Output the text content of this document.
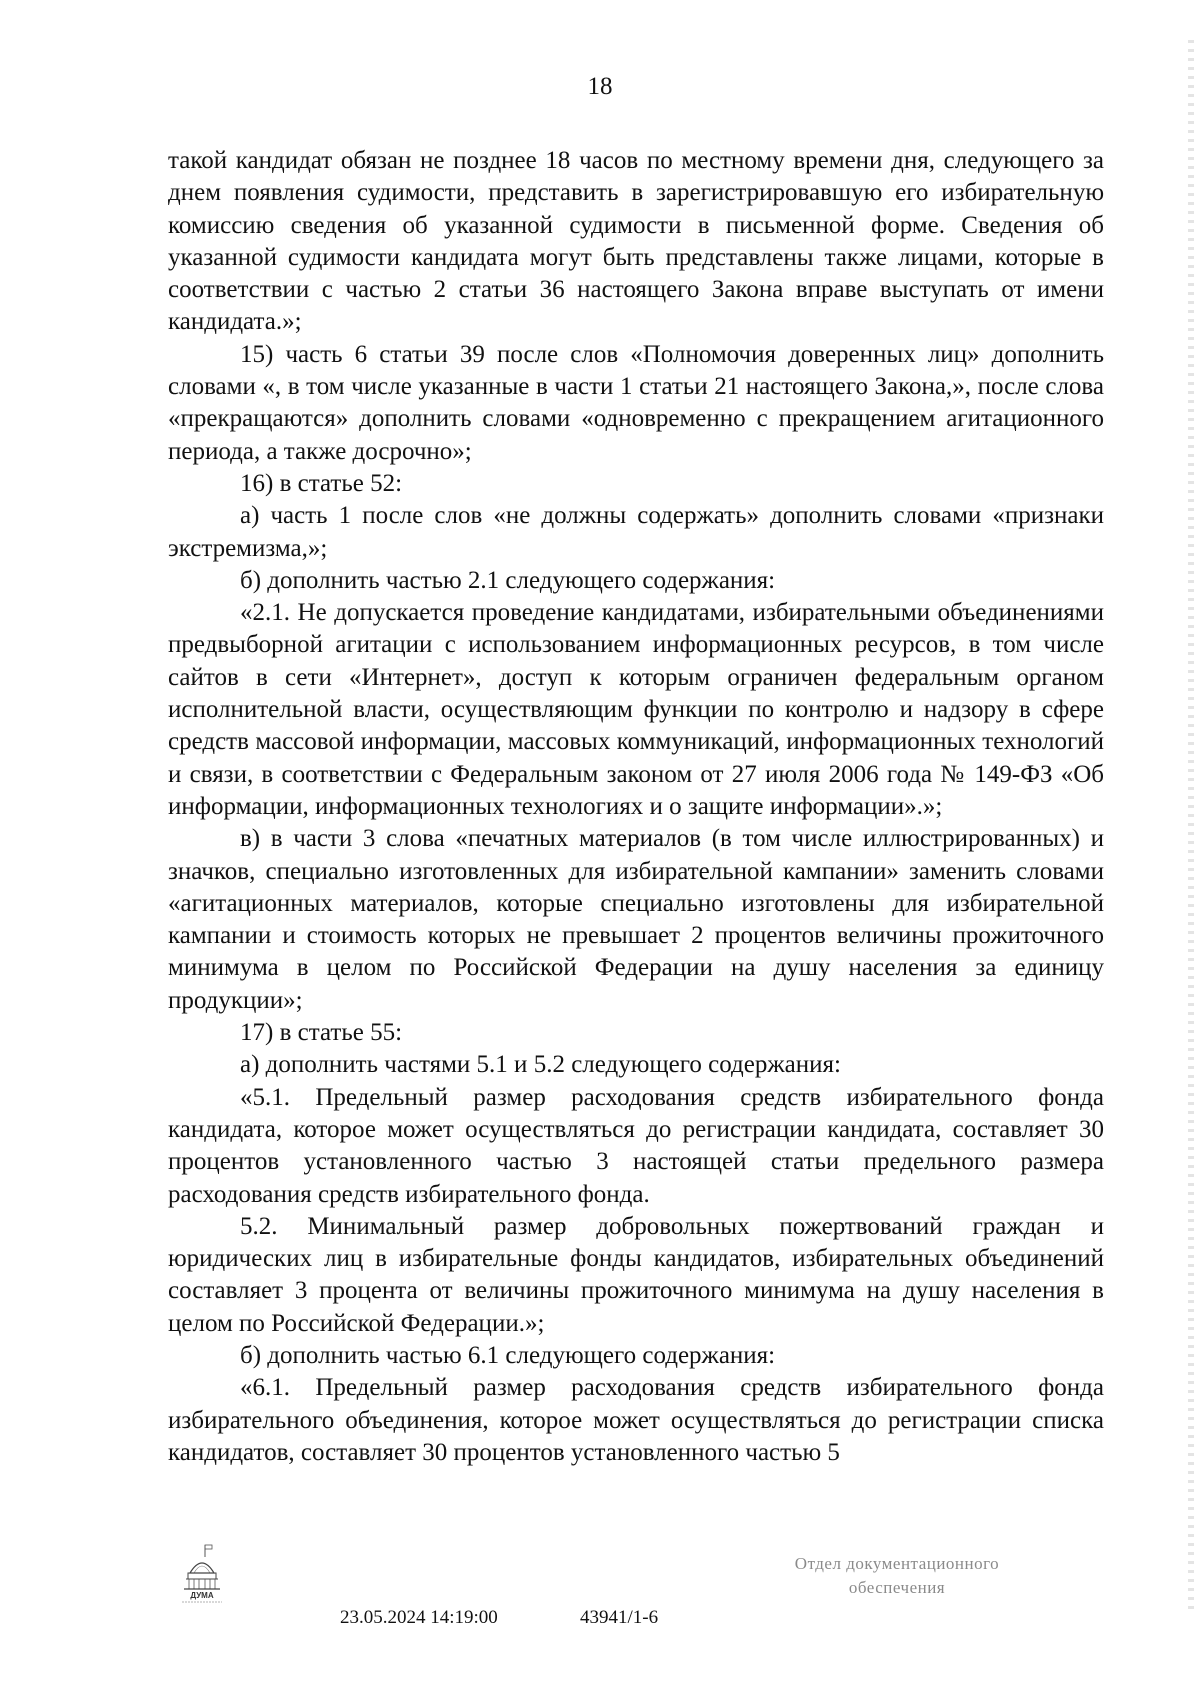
18

такой кандидат обязан не позднее 18 часов по местному времени дня, следующего за днем появления судимости, представить в зарегистрировавшую его избирательную комиссию сведения об указанной судимости в письменной форме. Сведения об указанной судимости кандидата могут быть представлены также лицами, которые в соответствии с частью 2 статьи 36 настоящего Закона вправе выступать от имени кандидата.»;

15) часть 6 статьи 39 после слов «Полномочия доверенных лиц» дополнить словами «, в том числе указанные в части 1 статьи 21 настоящего Закона,», после слова «прекращаются» дополнить словами «одновременно с прекращением агитационного периода, а также досрочно»;

16) в статье 52:

а) часть 1 после слов «не должны содержать» дополнить словами «признаки экстремизма,»;

б) дополнить частью 2.1 следующего содержания:

«2.1. Не допускается проведение кандидатами, избирательными объединениями предвыборной агитации с использованием информационных ресурсов, в том числе сайтов в сети «Интернет», доступ к которым ограничен федеральным органом исполнительной власти, осуществляющим функции по контролю и надзору в сфере средств массовой информации, массовых коммуникаций, информационных технологий и связи, в соответствии с Федеральным законом от 27 июля 2006 года № 149-ФЗ «Об информации, информационных технологиях и о защите информации».»;

в) в части 3 слова «печатных материалов (в том числе иллюстрированных) и значков, специально изготовленных для избирательной кампании» заменить словами «агитационных материалов, которые специально изготовлены для избирательной кампании и стоимость которых не превышает 2 процентов величины прожиточного минимума в целом по Российской Федерации на душу населения за единицу продукции»;

17) в статье 55:

а) дополнить частями 5.1 и 5.2 следующего содержания:

«5.1. Предельный размер расходования средств избирательного фонда кандидата, которое может осуществляться до регистрации кандидата, составляет 30 процентов установленного частью 3 настоящей статьи предельного размера расходования средств избирательного фонда.

5.2. Минимальный размер добровольных пожертвований граждан и юридических лиц в избирательные фонды кандидатов, избирательных объединений составляет 3 процента от величины прожиточного минимума на душу населения в целом по Российской Федерации.»;

б) дополнить частью 6.1 следующего содержания:

«6.1. Предельный размер расходования средств избирательного фонда избирательного объединения, которое может осуществляться до регистрации списка кандидатов, составляет 30 процентов установленного частью 5

ДУМА
23.05.2024 14:19:00	43941/1-6
Отдел документационного
обеспечения
